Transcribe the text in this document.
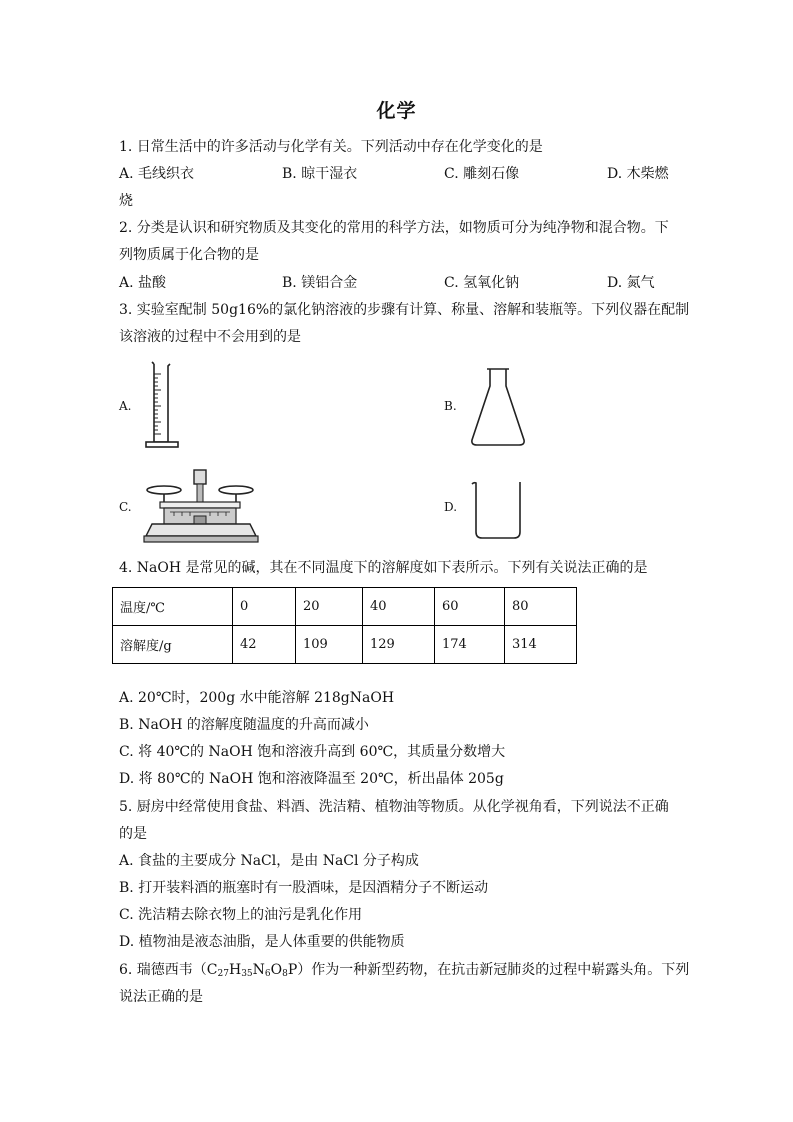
化学
1. 日常生活中的许多活动与化学有关。下列活动中存在化学变化的是
A. 毛线织衣	B. 晾干湿衣	C. 雕刻石像	D. 木柴燃
烧
2. 分类是认识和研究物质及其变化的常用的科学方法，如物质可分为纯净物和混合物。下
列物质属于化合物的是
A. 盐酸	B. 镁铝合金	C. 氢氧化钠	D. 氮气
3. 实验室配制 50g16%的氯化钠溶液的步骤有计算、称量、溶解和装瓶等。下列仪器在配制
该溶液的过程中不会用到的是
A.	B.
C.	D.
4. NaOH 是常见的碱，其在不同温度下的溶解度如下表所示。下列有关说法正确的是
温度/℃	0	20	40	60	80
溶解度/g	42	109	129	174	314
A. 20℃时，200g 水中能溶解 218gNaOH
B. NaOH 的溶解度随温度的升高而减小
C. 将 40℃的 NaOH 饱和溶液升高到 60℃，其质量分数增大
D. 将 80℃的 NaOH 饱和溶液降温至 20℃，析出晶体 205g
5. 厨房中经常使用食盐、料酒、洗洁精、植物油等物质。从化学视角看，下列说法不正确
的是
A. 食盐的主要成分 NaCl，是由 NaCl 分子构成
B. 打开装料酒的瓶塞时有一股酒味，是因酒精分子不断运动
C. 洗洁精去除衣物上的油污是乳化作用
D. 植物油是液态油脂，是人体重要的供能物质
6. 瑞德西韦$(C_{27}H_{35}N_6O_8P)$作为一种新型药物，在抗击新冠肺炎的过程中崭露头角。下列
说法正确的是
